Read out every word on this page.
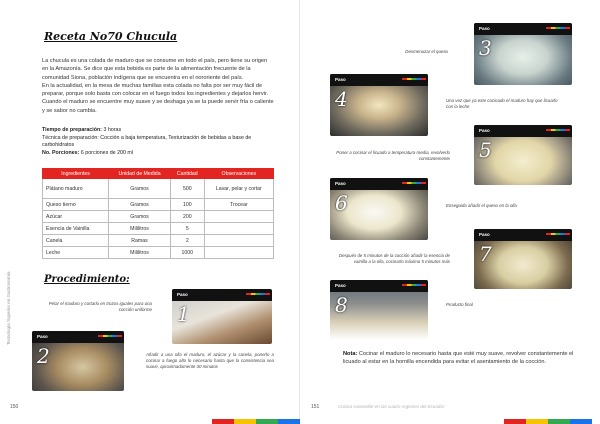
Receta No70 Chucula

La chucula es una colada de maduro que se consume en todo el país, pero tiene su origen en la Amazonía. Se dice que esta bebida es parte de la alimentación frecuente de la comunidad Siona, población indígena que se encuentra en el nororiente del país.

En la actualidad, en la mesa de muchas familias esta colada no falta por ser muy fácil de preparar, porque solo basta con colocar en el fuego todos los ingredientes y dejarlos hervir. Cuando el maduro se encuentre muy suave y se deshaga ya se la puede servir fría o caliente y se sabor no cambia.

Tiempo de preparación: 3 horas
Técnica de preparación: Cocción a baja temperatura, Texturización de bebidas a base de carbohidratos
No. Porciones: 6 porciones de 200 ml
Ingredientes	Unidad de Medida	Cantidad	Observaciones
Plátano maduro	Gramos	500	Lavar, pelar y cortar
Queso tierno	Gramos	100	Trocear
Azúcar	Gramos	200	
Esencia de Vainilla	Mililitros	5	
Canela	Ramas	2	
Leche	Mililitros	1000	
Procedimiento:
Tecnología Superior en Gastronomía	Pelar el maduro y cortarlo en trozos iguales para una cocción uniforme
Paso
1
Paso
2	Añadir a una olla el maduro, el azúcar y la canela, ponerlo a cocinar a fuego alto lo necesario hasta que la consistencia sea suave, aproximadamente 30 minutos
150
Desmenuzar el queso
Paso
3
Paso
4	Una vez que ya este cocinado el maduro hay que licuarlo con la leche
Poner a cocinar el licuado a temperatura media, revolverlo constantemente
Paso
5
Paso
6	Enseguida añadir el queso en la olla
Después de 5 minutos de la cocción añadir la esencia de vainilla a la olla, cocinarlo máximo 5 minutos más
Paso
7
Paso
8	Producto final
Nota: Cocinar el maduro lo necesario hasta que esté muy suave, revolver constantemente el licuado al estar en la hornilla encendida para evitar el asentamiento de la cocción.
151	Cocina sostenible en las cuatro regiones del Ecuador
